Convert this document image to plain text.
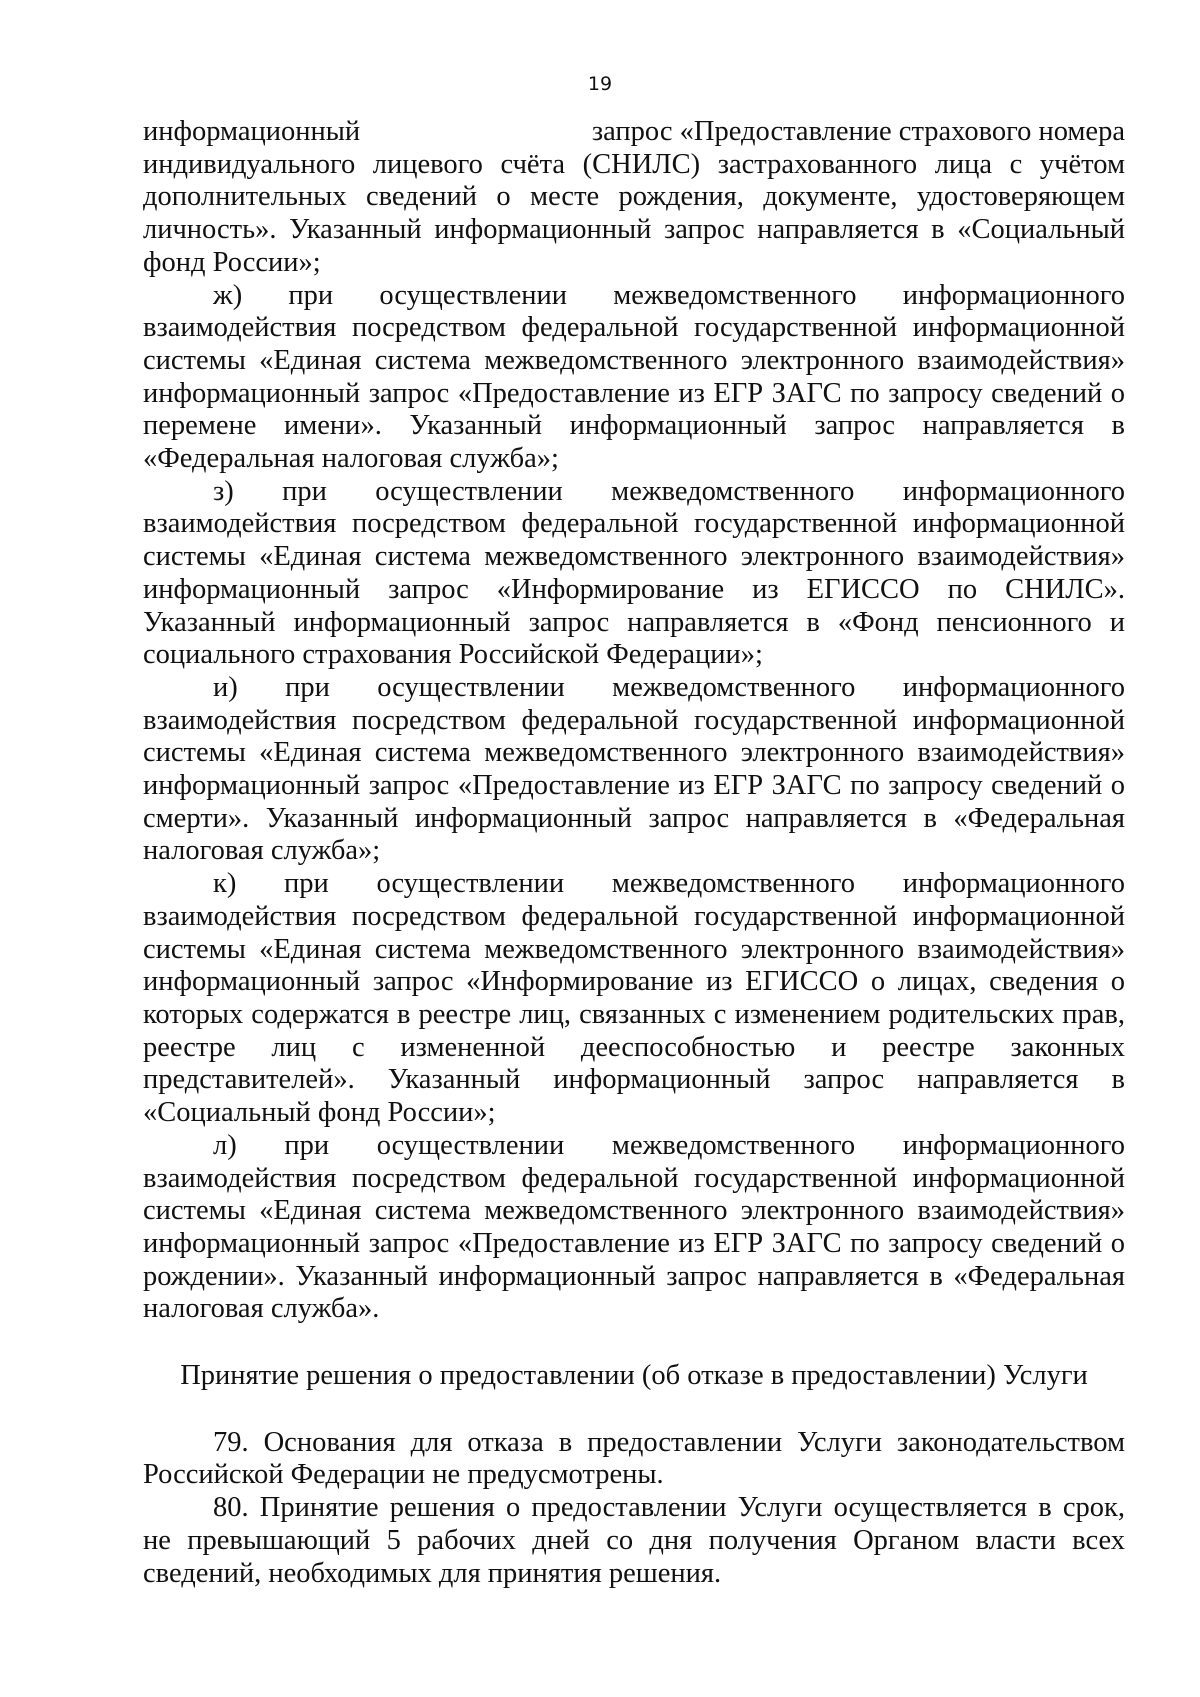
19
информационный	запрос «Предоставление страхового номера

индивидуального лицевого счёта (СНИЛС) застрахованного лица с учётом дополнительных сведений о месте рождения, документе, удостоверяющем личность». Указанный информационный запрос направляется в «Социальный фонд России»;

ж) при осуществлении межведомственного информационного взаимодействия посредством федеральной государственной информационной системы «Единая система межведомственного электронного взаимодействия» информационный запрос «Предоставление из ЕГР ЗАГС по запросу сведений о перемене имени». Указанный информационный запрос направляется в «Федеральная налоговая служба»;

з) при осуществлении межведомственного информационного взаимодействия посредством федеральной государственной информационной системы «Единая система межведомственного электронного взаимодействия» информационный запрос «Информирование из ЕГИССО по СНИЛС». Указанный информационный запрос направляется в «Фонд пенсионного и социального страхования Российской Федерации»;

и) при осуществлении межведомственного информационного взаимодействия посредством федеральной государственной информационной системы «Единая система межведомственного электронного взаимодействия» информационный запрос «Предоставление из ЕГР ЗАГС по запросу сведений о смерти». Указанный информационный запрос направляется в «Федеральная налоговая служба»;

к) при осуществлении межведомственного информационного взаимодействия посредством федеральной государственной информационной системы «Единая система межведомственного электронного взаимодействия» информационный запрос «Информирование из ЕГИССО о лицах, сведения о которых содержатся в реестре лиц, связанных с изменением родительских прав, реестре лиц с измененной дееспособностью и реестре законных представителей». Указанный информационный запрос направляется в «Социальный фонд России»;

л) при осуществлении межведомственного информационного взаимодействия посредством федеральной государственной информационной системы «Единая система межведомственного электронного взаимодействия» информационный запрос «Предоставление из ЕГР ЗАГС по запросу сведений о рождении». Указанный информационный запрос направляется в «Федеральная налоговая служба».

Принятие решения о предоставлении (об отказе в предоставлении) Услуги

79. Основания для отказа в предоставлении Услуги законодательством Российской Федерации не предусмотрены.

80. Принятие решения о предоставлении Услуги осуществляется в срок, не превышающий 5 рабочих дней со дня получения Органом власти всех сведений, необходимых для принятия решения.
